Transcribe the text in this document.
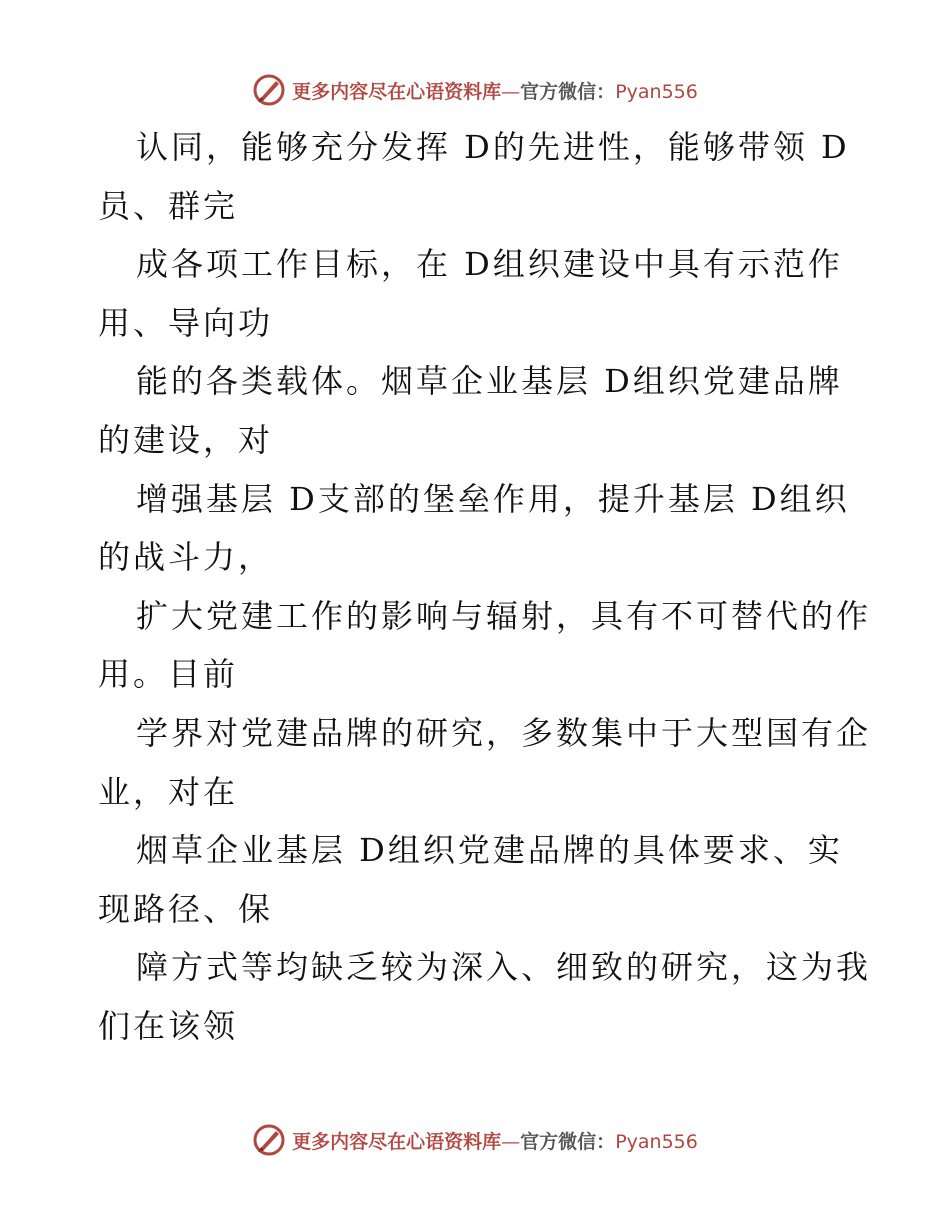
更多内容尽在心语资料库—官方微信：Pyan556
认同，能够充分发挥 D的先进性，能够带领 D
员、群完
成各项工作目标，在 D组织建设中具有示范作
用、导向功
能的各类载体。烟草企业基层 D组织党建品牌
的建设，对
增强基层 D支部的堡垒作用，提升基层 D组织
的战斗力，
扩大党建工作的影响与辐射，具有不可替代的作
用。目前
学界对党建品牌的研究，多数集中于大型国有企
业，对在
烟草企业基层 D组织党建品牌的具体要求、实
现路径、保
障方式等均缺乏较为深入、细致的研究，这为我
们在该领
更多内容尽在心语资料库—官方微信：Pyan556
